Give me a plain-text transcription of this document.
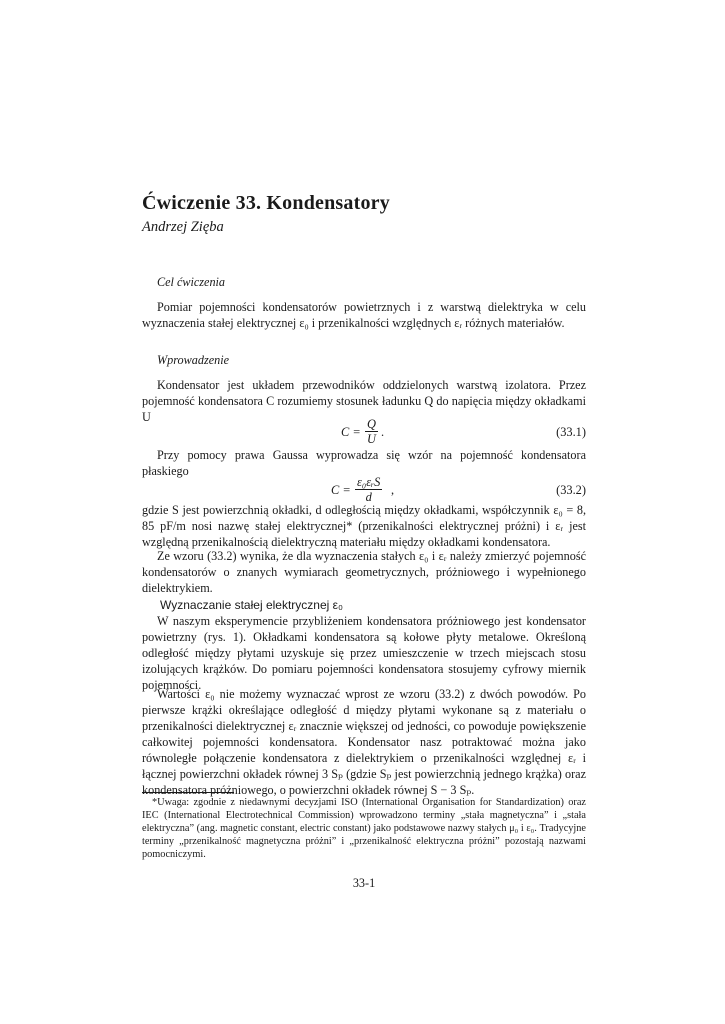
Ćwiczenie 33. Kondensatory
Andrzej Zięba
Cel ćwiczenia
Pomiar pojemności kondensatorów powietrznych i z warstwą dielektryka w celu wyznaczenia stałej elektrycznej ε₀ i przenikalności względnych εᵣ różnych materiałów.
Wprowadzenie
Kondensator jest układem przewodników oddzielonych warstwą izolatora. Przez pojemność kondensatora C rozumiemy stosunek ładunku Q do napięcia między okładkami U
$C = \frac{Q}{U}$ .	(33.1)
Przy pomocy prawa Gaussa wyprowadza się wzór na pojemność kondensatora płaskiego
C =
ε₀εᵣS
d	,	(33.2)
gdzie S jest powierzchnią okładki, d odległością między okładkami, współczynnik ε₀ = 8, 85 pF/m nosi nazwę stałej elektrycznej* (przenikalności elektrycznej próżni) i εᵣ jest względną przenikalnością dielektryczną materiału między okładkami kondensatora.
Ze wzoru (33.2) wynika, że dla wyznaczenia stałych ε₀ i εᵣ należy zmierzyć pojemność kondensatorów o znanych wymiarach geometrycznych, próżniowego i wypełnionego dielektrykiem.
Wyznaczanie stałej elektrycznej ε₀
W naszym eksperymencie przybliżeniem kondensatora próżniowego jest kondensator powietrzny (rys. 1). Okładkami kondensatora są kołowe płyty metalowe. Określoną odległość między płytami uzyskuje się przez umieszczenie w trzech miejscach stosu izolujących krążków. Do pomiaru pojemności kondensatora stosujemy cyfrowy miernik pojemności.
Wartości ε₀ nie możemy wyznaczać wprost ze wzoru (33.2) z dwóch powodów. Po pierwsze krążki określające odległość d między płytami wykonane są z materiału o przenikalności dielektrycznej εᵣ znacznie większej od jedności, co powoduje powiększenie całkowitej pojemności kondensatora. Kondensator nasz potraktować można jako równoległe połączenie kondensatora z dielektrykiem o przenikalności względnej εᵣ i łącznej powierzchni okładek równej 3 Sₚ (gdzie Sₚ jest powierzchnią jednego krążka) oraz kondensatora próżniowego, o powierzchni okładek równej S − 3 Sₚ.
*Uwaga: zgodnie z niedawnymi decyzjami ISO (International Organisation for Standardization) oraz IEC (International Electrotechnical Commission) wprowadzono terminy „stała magnetyczna” i „stała elektryczna” (ang. magnetic constant, electric constant) jako podstawowe nazwy stałych μ₀ i ε₀. Tradycyjne terminy „przenikalność magnetyczna próżni” i „przenikalność elektryczna próżni” pozostają nazwami pomocniczymi.
33-1
